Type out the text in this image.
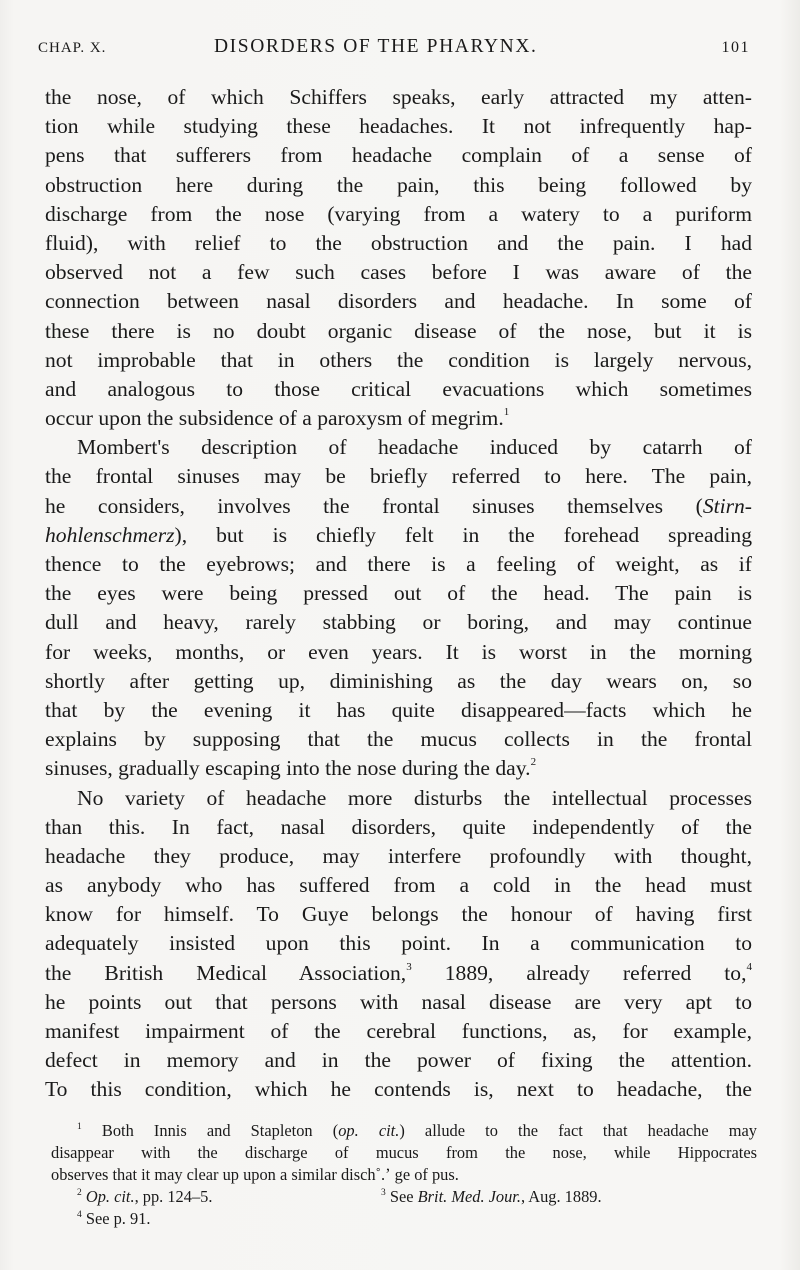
CHAP. X.	DISORDERS OF THE PHARYNX.	101
the nose, of which Schiffers speaks, early attracted my atten-
tion while studying these headaches. It not infrequently hap-
pens that sufferers from headache complain of a sense of
obstruction here during the pain, this being followed by
discharge from the nose (varying from a watery to a puriform
fluid), with relief to the obstruction and the pain. I had
observed not a few such cases before I was aware of the
connection between nasal disorders and headache. In some of
these there is no doubt organic disease of the nose, but it is
not improbable that in others the condition is largely nervous,
and analogous to those critical evacuations which sometimes
occur upon the subsidence of a paroxysm of megrim.$^1$
Mombert's description of headache induced by catarrh of
the frontal sinuses may be briefly referred to here. The pain,
he considers, involves the frontal sinuses themselves (Stirn-
hohlenschmerz), but is chiefly felt in the forehead spreading
thence to the eyebrows; and there is a feeling of weight, as if
the eyes were being pressed out of the head. The pain is
dull and heavy, rarely stabbing or boring, and may continue
for weeks, months, or even years. It is worst in the morning
shortly after getting up, diminishing as the day wears on, so
that by the evening it has quite disappeared—facts which he
explains by supposing that the mucus collects in the frontal
sinuses, gradually escaping into the nose during the day.$^2$
No variety of headache more disturbs the intellectual processes
than this. In fact, nasal disorders, quite independently of the
headache they produce, may interfere profoundly with thought,
as anybody who has suffered from a cold in the head must
know for himself. To Guye belongs the honour of having first
adequately insisted upon this point. In a communication to
the British Medical Association,$^3$ 1889, already referred to,$^4$
he points out that persons with nasal disease are very apt to
manifest impairment of the cerebral functions, as, for example,
defect in memory and in the power of fixing the attention.
To this condition, which he contends is, next to headache, the
$^1$ Both Innis and Stapleton (op. cit.) allude to the fact that headache may
disappear with the discharge of mucus from the nose, while Hippocrates
observes that it may clear up upon a similar disch˚.ʼ ge of pus.
$^2$ Op. cit., pp. 124–5.	$^3$ See Brit. Med. Jour., Aug. 1889.
$^4$ See p. 91.
